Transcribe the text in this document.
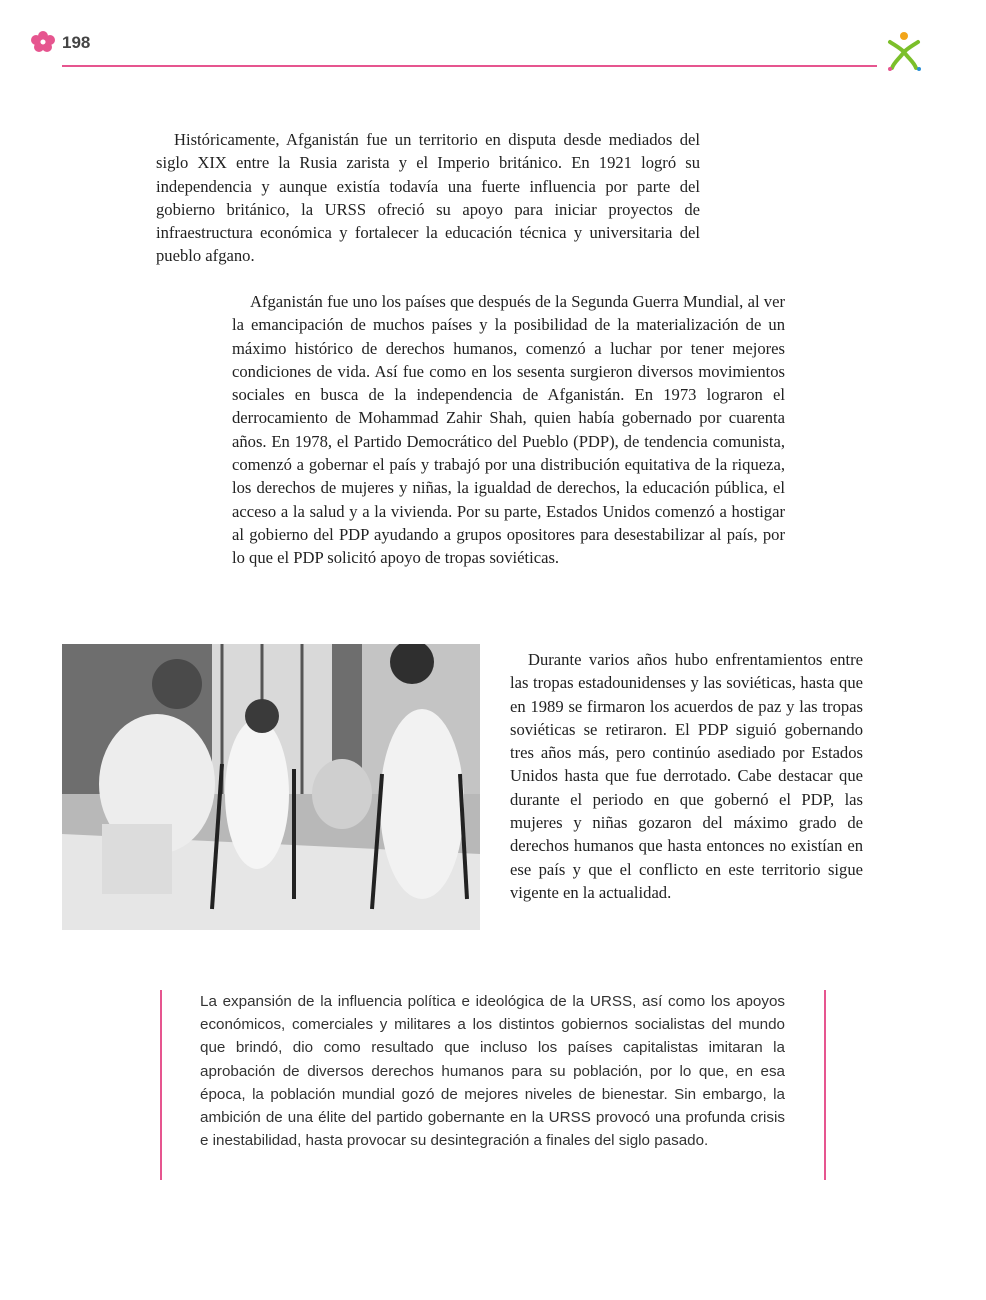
198

Históricamente, Afganistán fue un territorio en disputa desde mediados del siglo XIX entre la Rusia zarista y el Imperio británico. En 1921 logró su independencia y aunque existía todavía una fuerte influencia por parte del gobierno británico, la URSS ofreció su apoyo para iniciar proyectos de infraestructura económica y fortalecer la educación técnica y universitaria del pueblo afgano.

Afganistán fue uno los países que después de la Segunda Guerra Mundial, al ver la emancipación de muchos países y la posibilidad de la materialización de un máximo histórico de derechos humanos, comenzó a luchar por tener mejores condiciones de vida. Así fue como en los sesenta surgieron diversos movimientos sociales en busca de la independencia de Afganistán. En 1973 lograron el derrocamiento de Mohammad Zahir Shah, quien había gobernado por cuarenta años. En 1978, el Partido Democrático del Pueblo (PDP), de tendencia comunista, comenzó a gobernar el país y trabajó por una distribución equitativa de la riqueza, los derechos de mujeres y niñas, la igualdad de derechos, la educación pública, el acceso a la salud y a la vivienda. Por su parte, Estados Unidos comenzó a hostigar al gobierno del PDP ayudando a grupos opositores para desestabilizar al país, por lo que el PDP solicitó apoyo de tropas soviéticas.

Durante varios años hubo enfrentamientos entre las tropas estadounidenses y las soviéticas, hasta que en 1989 se firmaron los acuerdos de paz y las tropas soviéticas se retiraron. El PDP siguió gobernando tres años más, pero continúo asediado por Estados Unidos hasta que fue derrotado. Cabe destacar que durante el periodo en que gobernó el PDP, las mujeres y niñas gozaron del máximo grado de derechos humanos que hasta entonces no existían en ese país y que el conflicto en este territorio sigue vigente en la actualidad.

La expansión de la influencia política e ideológica de la URSS, así como los apoyos económicos, comerciales y militares a los distintos gobiernos socialistas del mundo que brindó, dio como resultado que incluso los países capitalistas imitaran la aprobación de diversos derechos humanos para su población, por lo que, en esa época, la población mundial gozó de mejores niveles de bienestar. Sin embargo, la ambición de una élite del partido gobernante en la URSS provocó una profunda crisis e inestabilidad, hasta provocar su desintegración a finales del siglo pasado.
